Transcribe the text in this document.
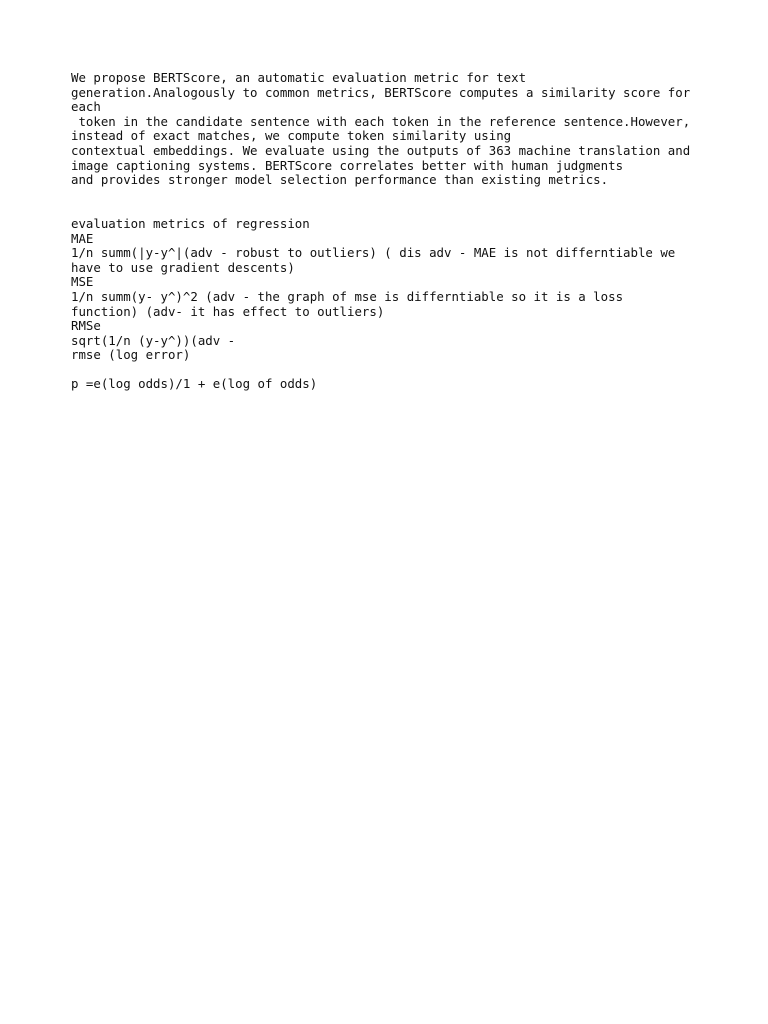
We propose BERTScore, an automatic evaluation metric for text

generation.Analogously to common metrics, BERTScore computes a similarity score for

each

token in the candidate sentence with each token in the reference sentence.However,

instead of exact matches, we compute token similarity using

contextual embeddings. We evaluate using the outputs of 363 machine translation and

image captioning systems. BERTScore correlates better with human judgments

and provides stronger model selection performance than existing metrics.

evaluation metrics of regression

MAE

1/n summ(|y-y^|(adv - robust to outliers) ( dis adv - MAE is not differntiable we

have to use gradient descents)

MSE

1/n summ(y- y^)^2 (adv - the graph of mse is differntiable so it is a loss

function) (adv- it has effect to outliers)

RMSe

sqrt(1/n (y-y^))(adv -

rmse (log error)

p =e(log odds)/1 + e(log of odds)
